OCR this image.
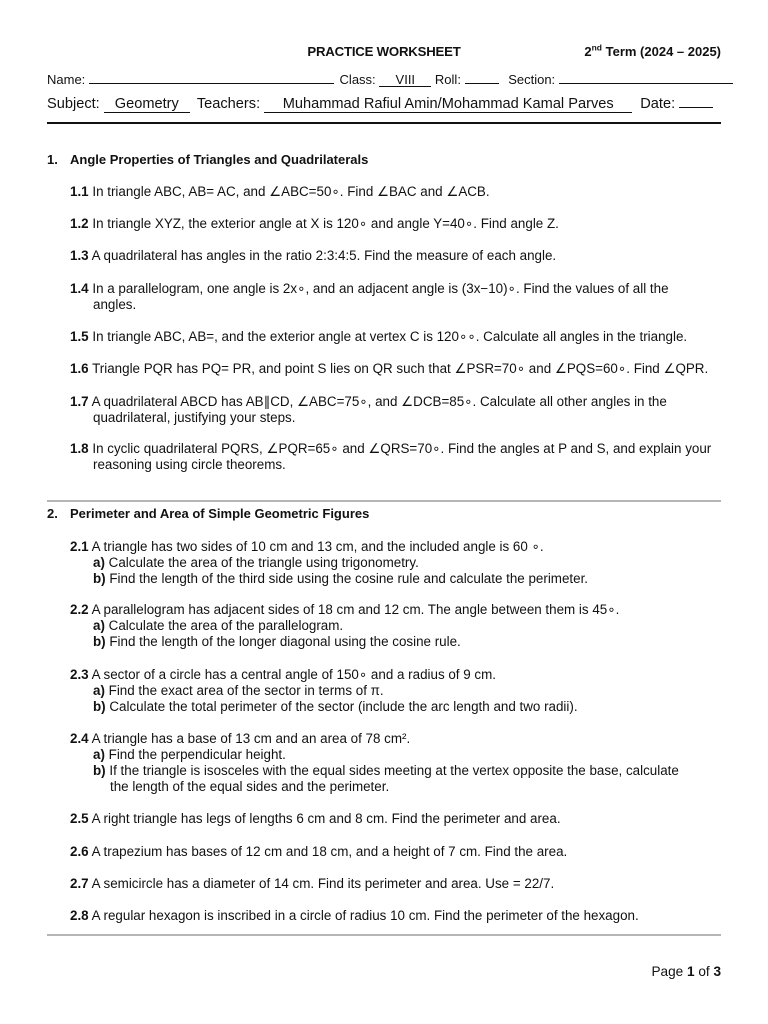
PRACTICE WORKSHEET	2nd Term (2024 – 2025)
Name:	Class: VIII Roll:	Section:
Subject: Geometry Teachers: Muhammad Rafiul Amin/Mohammad Kamal Parves Date:
1. Angle Properties of Triangles and Quadrilaterals
1.1 In triangle ABC, AB= AC, and ∠ABC=50∘. Find ∠BAC and ∠ACB.
1.2 In triangle XYZ, the exterior angle at X is 120∘ and angle Y=40∘. Find angle Z.
1.3 A quadrilateral has angles in the ratio 2:3:4:5. Find the measure of each angle.
1.4 In a parallelogram, one angle is 2x∘, and an adjacent angle is (3x−10)∘. Find the values of all the
angles.
1.5 In triangle ABC, AB=, and the exterior angle at vertex C is 120∘∘. Calculate all angles in the triangle.
1.6 Triangle PQR has PQ= PR, and point S lies on QR such that ∠PSR=70∘ and ∠PQS=60∘. Find ∠QPR.
1.7 A quadrilateral ABCD has AB∥CD, ∠ABC=75∘, and ∠DCB=85∘. Calculate all other angles in the
quadrilateral, justifying your steps.
1.8 In cyclic quadrilateral PQRS, ∠PQR=65∘ and ∠QRS=70∘. Find the angles at P and S, and explain your
reasoning using circle theorems.
2. Perimeter and Area of Simple Geometric Figures
2.1 A triangle has two sides of 10 cm and 13 cm, and the included angle is 60 ∘.
a) Calculate the area of the triangle using trigonometry.
b) Find the length of the third side using the cosine rule and calculate the perimeter.
2.2 A parallelogram has adjacent sides of 18 cm and 12 cm. The angle between them is 45∘.
a) Calculate the area of the parallelogram.
b) Find the length of the longer diagonal using the cosine rule.
2.3 A sector of a circle has a central angle of 150∘ and a radius of 9 cm.
a) Find the exact area of the sector in terms of π.
b) Calculate the total perimeter of the sector (include the arc length and two radii).
2.4 A triangle has a base of 13 cm and an area of 78 cm².
a) Find the perpendicular height.
b) If the triangle is isosceles with the equal sides meeting at the vertex opposite the base, calculate
the length of the equal sides and the perimeter.
2.5 A right triangle has legs of lengths 6 cm and 8 cm. Find the perimeter and area.
2.6 A trapezium has bases of 12 cm and 18 cm, and a height of 7 cm. Find the area.
2.7 A semicircle has a diameter of 14 cm. Find its perimeter and area. Use = 22/7.
2.8 A regular hexagon is inscribed in a circle of radius 10 cm. Find the perimeter of the hexagon.
Page 1 of 3
